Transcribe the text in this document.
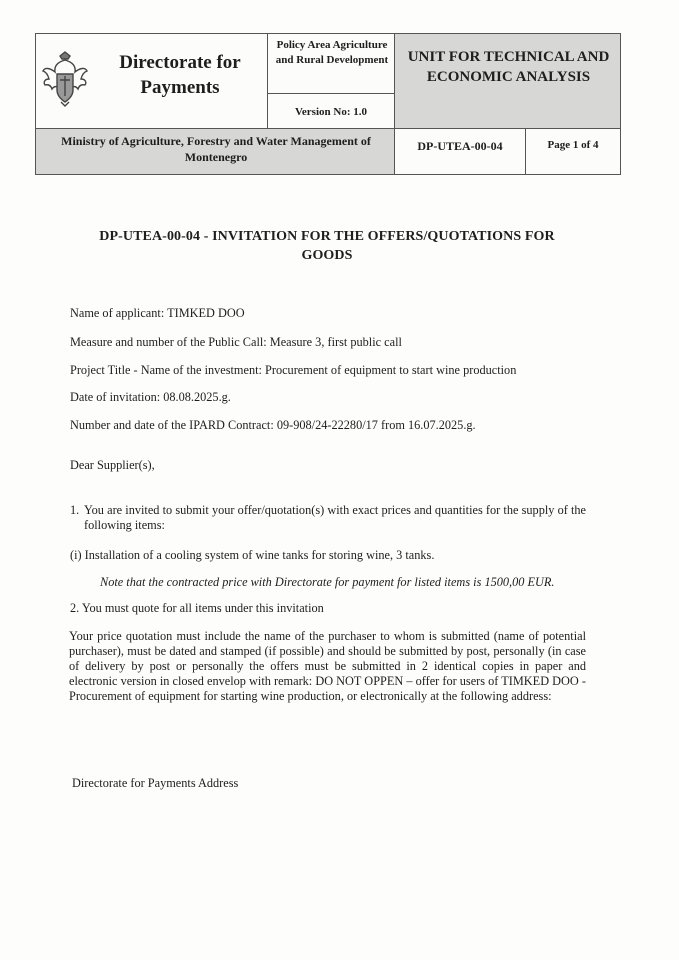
Directorate for Payments
Policy Area Agriculture and Rural Development
Version No: 1.0
UNIT FOR TECHNICAL AND ECONOMIC ANALYSIS
Ministry of Agriculture, Forestry and Water Management of Montenegro
DP-UTEA-00-04	Page 1 of 4
DP-UTEA-00-04 - INVITATION FOR THE OFFERS/QUOTATIONS FOR GOODS
Name of applicant: TIMKED DOO
Measure and number of the Public Call: Measure 3, first public call
Project Title - Name of the investment: Procurement of equipment to start wine production
Date of invitation: 08.08.2025.g.
Number and date of the IPARD Contract: 09-908/24-22280/17 from 16.07.2025.g.
Dear Supplier(s),
1. You are invited to submit your offer/quotation(s) with exact prices and quantities for the supply of the following items:
(i) Installation of a cooling system of wine tanks for storing wine, 3 tanks.
Note that the contracted price with Directorate for payment for listed items is 1500,00 EUR.
2. You must quote for all items under this invitation
Your price quotation must include the name of the purchaser to whom is submitted (name of potential purchaser), must be dated and stamped (if possible) and should be submitted by post, personally (in case of delivery by post or personally the offers must be submitted in 2 identical copies in paper and electronic version in closed envelop with remark: DO NOT OPPEN – offer for users of TIMKED DOO - Procurement of equipment for starting wine production, or electronically at the following address:
Directorate for Payments Address
